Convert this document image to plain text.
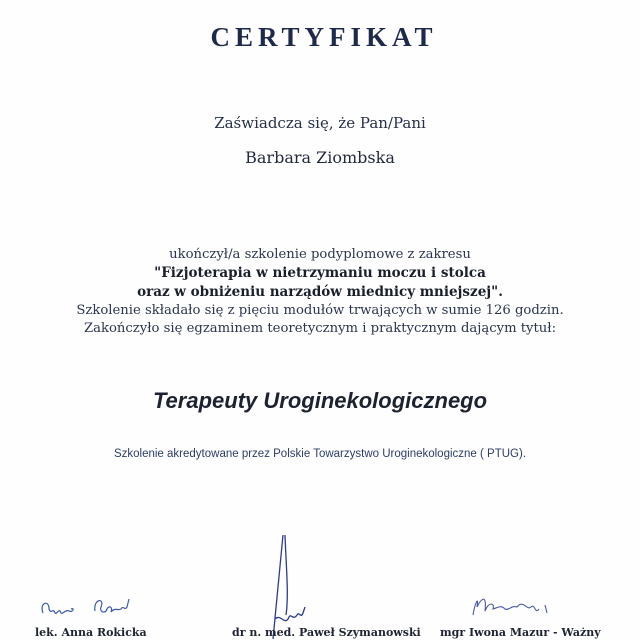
CERTYFIKAT
Zaświadcza się, że Pan/Pani
Barbara Ziombska
ukończył/a szkolenie podyplomowe z zakresu
"Fizjoterapia w nietrzymaniu moczu i stolca
oraz w obniżeniu narządów miednicy mniejszej".
Szkolenie składało się z pięciu modułów trwających w sumie 126 godzin.
Zakończyło się egzaminem teoretycznym i praktycznym dającym tytuł:
Terapeuty Uroginekologicznego
Szkolenie akredytowane przez Polskie Towarzystwo Uroginekologiczne ( PTUG).
lek. Anna Rokicka	dr n. med. Paweł Szymanowski mgr Iwona Mazur - Ważny
